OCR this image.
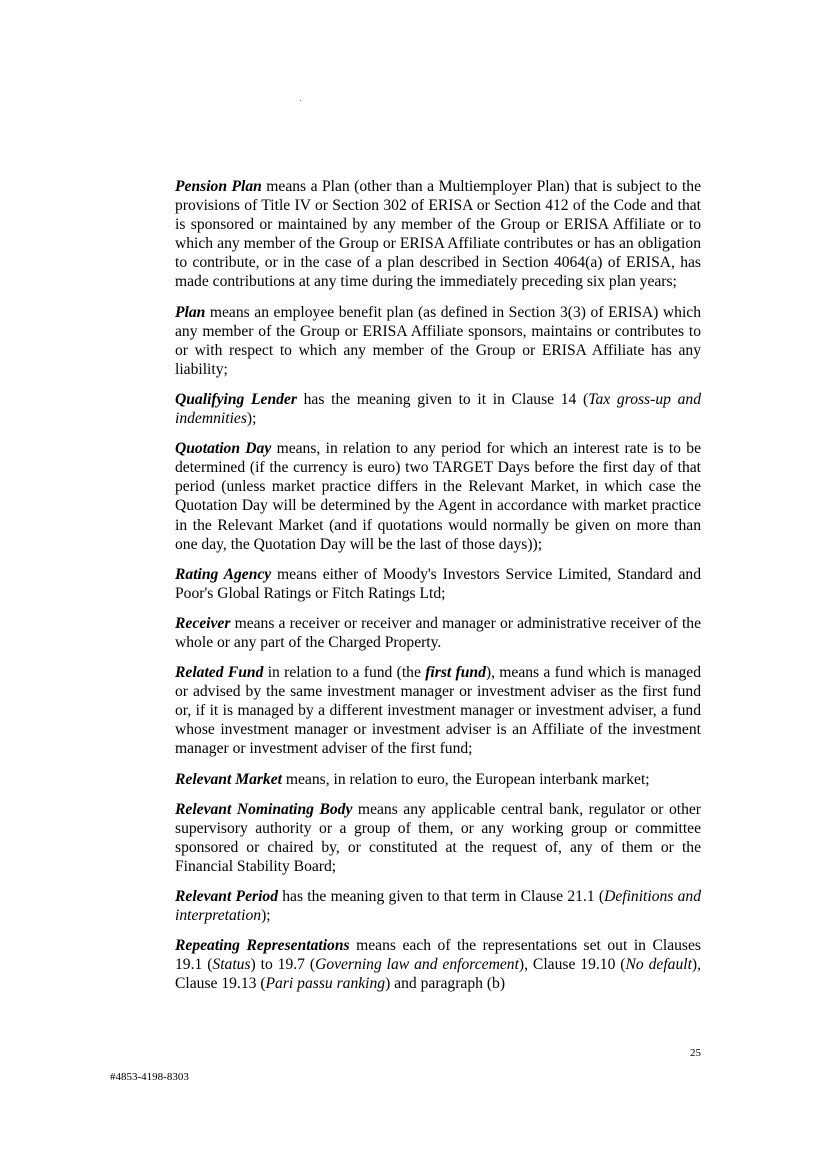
Pension Plan means a Plan (other than a Multiemployer Plan) that is subject to the provisions of Title IV or Section 302 of ERISA or Section 412 of the Code and that is sponsored or maintained by any member of the Group or ERISA Affiliate or to which any member of the Group or ERISA Affiliate contributes or has an obligation to contribute, or in the case of a plan described in Section 4064(a) of ERISA, has made contributions at any time during the immediately preceding six plan years;

Plan means an employee benefit plan (as defined in Section 3(3) of ERISA) which any member of the Group or ERISA Affiliate sponsors, maintains or contributes to or with respect to which any member of the Group or ERISA Affiliate has any liability;

Qualifying Lender has the meaning given to it in Clause 14 (Tax gross-up and indemnities);

Quotation Day means, in relation to any period for which an interest rate is to be determined (if the currency is euro) two TARGET Days before the first day of that period (unless market practice differs in the Relevant Market, in which case the Quotation Day will be determined by the Agent in accordance with market practice in the Relevant Market (and if quotations would normally be given on more than one day, the Quotation Day will be the last of those days));

Rating Agency means either of Moody's Investors Service Limited, Standard and Poor's Global Ratings or Fitch Ratings Ltd;

Receiver means a receiver or receiver and manager or administrative receiver of the whole or any part of the Charged Property.

Related Fund in relation to a fund (the first fund), means a fund which is managed or advised by the same investment manager or investment adviser as the first fund or, if it is managed by a different investment manager or investment adviser, a fund whose investment manager or investment adviser is an Affiliate of the investment manager or investment adviser of the first fund;

Relevant Market means, in relation to euro, the European interbank market;

Relevant Nominating Body means any applicable central bank, regulator or other supervisory authority or a group of them, or any working group or committee sponsored or chaired by, or constituted at the request of, any of them or the Financial Stability Board;

Relevant Period has the meaning given to that term in Clause 21.1 (Definitions and interpretation);

Repeating Representations means each of the representations set out in Clauses 19.1 (Status) to 19.7 (Governing law and enforcement), Clause 19.10 (No default), Clause 19.13 (Pari passu ranking) and paragraph (b)

25
#4853-4198-8303
